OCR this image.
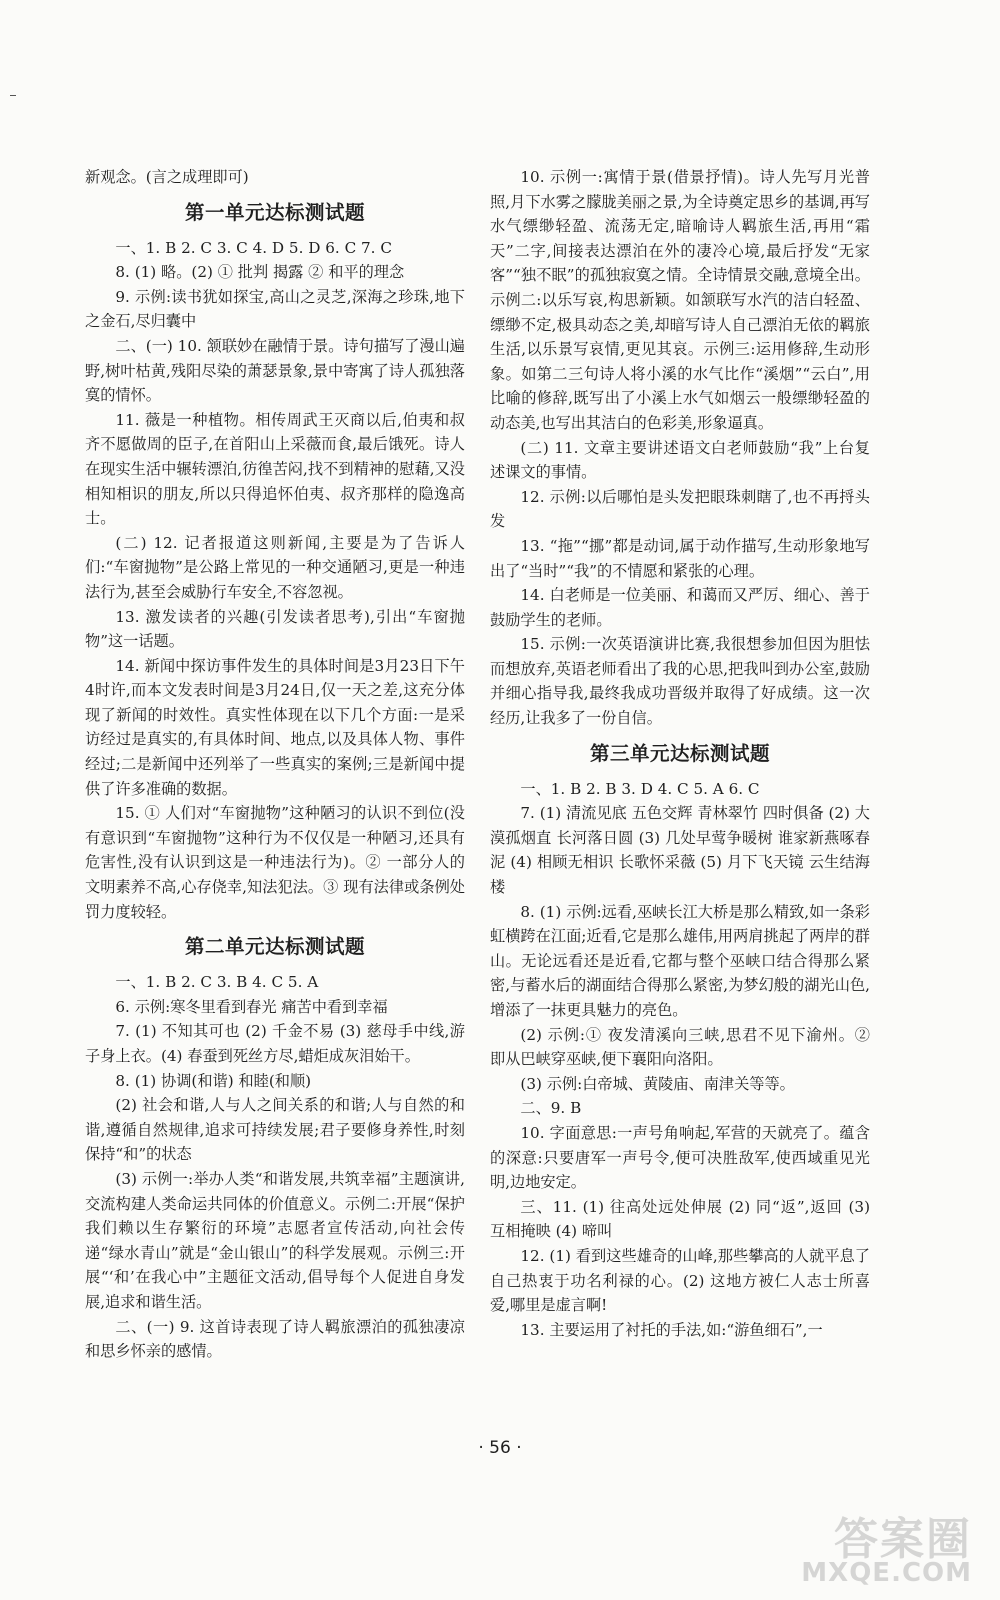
新观念。(言之成理即可)

第一单元达标测试题

一、1. B 2. C 3. C 4. D 5. D 6. C 7. C

8. (1) 略。(2) ① 批判 揭露 ② 和平的理念

9. 示例:读书犹如探宝,高山之灵芝,深海之珍珠,地下之金石,尽归囊中

二、(一) 10. 颔联妙在融情于景。诗句描写了漫山遍野,树叶枯黄,残阳尽染的萧瑟景象,景中寄寓了诗人孤独落寞的情怀。

11. 薇是一种植物。相传周武王灭商以后,伯夷和叔齐不愿做周的臣子,在首阳山上采薇而食,最后饿死。诗人在现实生活中辗转漂泊,彷徨苦闷,找不到精神的慰藉,又没相知相识的朋友,所以只得追怀伯夷、叔齐那样的隐逸高士。

(二) 12. 记者报道这则新闻,主要是为了告诉人们:“车窗抛物”是公路上常见的一种交通陋习,更是一种违法行为,甚至会威胁行车安全,不容忽视。

13. 激发读者的兴趣(引发读者思考),引出“车窗抛物”这一话题。

14. 新闻中探访事件发生的具体时间是3月23日下午4时许,而本文发表时间是3月24日,仅一天之差,这充分体现了新闻的时效性。真实性体现在以下几个方面:一是采访经过是真实的,有具体时间、地点,以及具体人物、事件经过;二是新闻中还列举了一些真实的案例;三是新闻中提供了许多准确的数据。

15. ① 人们对“车窗抛物”这种陋习的认识不到位(没有意识到“车窗抛物”这种行为不仅仅是一种陋习,还具有危害性,没有认识到这是一种违法行为)。② 一部分人的文明素养不高,心存侥幸,知法犯法。③ 现有法律或条例处罚力度较轻。

第二单元达标测试题

一、1. B 2. C 3. B 4. C 5. A

6. 示例:寒冬里看到春光 痛苦中看到幸福

7. (1) 不知其可也 (2) 千金不易 (3) 慈母手中线,游子身上衣。(4) 春蚕到死丝方尽,蜡炬成灰泪始干。

8. (1) 协调(和谐) 和睦(和顺)

(2) 社会和谐,人与人之间关系的和谐;人与自然的和谐,遵循自然规律,追求可持续发展;君子要修身养性,时刻保持“和”的状态

(3) 示例一:举办人类“和谐发展,共筑幸福”主题演讲,交流构建人类命运共同体的价值意义。示例二:开展“保护我们赖以生存繁衍的环境”志愿者宣传活动,向社会传递“绿水青山”就是“金山银山”的科学发展观。示例三:开展“‘和’在我心中”主题征文活动,倡导每个人促进自身发展,追求和谐生活。

二、(一) 9. 这首诗表现了诗人羁旅漂泊的孤独凄凉和思乡怀亲的感情。

10. 示例一:寓情于景(借景抒情)。诗人先写月光普照,月下水雾之朦胧美丽之景,为全诗奠定思乡的基调,再写水气缥缈轻盈、流荡无定,暗喻诗人羁旅生活,再用“霜天”二字,间接表达漂泊在外的凄冷心境,最后抒发“无家客”“独不眠”的孤独寂寞之情。全诗情景交融,意境全出。示例二:以乐写哀,构思新颖。如颔联写水汽的洁白轻盈、缥缈不定,极具动态之美,却暗写诗人自己漂泊无依的羁旅生活,以乐景写哀情,更见其哀。示例三:运用修辞,生动形象。如第二三句诗人将小溪的水气比作“溪烟”“云白”,用比喻的修辞,既写出了小溪上水气如烟云一般缥缈轻盈的动态美,也写出其洁白的色彩美,形象逼真。

(二) 11. 文章主要讲述语文白老师鼓励“我”上台复述课文的事情。

12. 示例:以后哪怕是头发把眼珠刺瞎了,也不再捋头发

13. “拖”“挪”都是动词,属于动作描写,生动形象地写出了“当时”“我”的不情愿和紧张的心理。

14. 白老师是一位美丽、和蔼而又严厉、细心、善于鼓励学生的老师。

15. 示例:一次英语演讲比赛,我很想参加但因为胆怯而想放弃,英语老师看出了我的心思,把我叫到办公室,鼓励并细心指导我,最终我成功晋级并取得了好成绩。这一次经历,让我多了一份自信。

第三单元达标测试题

一、1. B 2. B 3. D 4. C 5. A 6. C

7. (1) 清流见底 五色交辉 青林翠竹 四时俱备 (2) 大漠孤烟直 长河落日圆 (3) 几处早莺争暖树 谁家新燕啄春泥 (4) 相顾无相识 长歌怀采薇 (5) 月下飞天镜 云生结海楼

8. (1) 示例:远看,巫峡长江大桥是那么精致,如一条彩虹横跨在江面;近看,它是那么雄伟,用两肩挑起了两岸的群山。无论远看还是近看,它都与整个巫峡口结合得那么紧密,与蓄水后的湖面结合得那么紧密,为梦幻般的湖光山色,增添了一抹更具魅力的亮色。

(2) 示例:① 夜发清溪向三峡,思君不见下渝州。② 即从巴峡穿巫峡,便下襄阳向洛阳。

(3) 示例:白帝城、黄陵庙、南津关等等。

二、9. B

10. 字面意思:一声号角响起,军营的天就亮了。蕴含的深意:只要唐军一声号令,便可决胜敌军,使西域重见光明,边地安定。

三、11. (1) 往高处远处伸展 (2) 同“返”,返回 (3) 互相掩映 (4) 啼叫

12. (1) 看到这些雄奇的山峰,那些攀高的人就平息了自己热衷于功名利禄的心。(2) 这地方被仁人志士所喜爱,哪里是虚言啊!

13. 主要运用了衬托的手法,如:“游鱼细石”,一

· 56 ·
答案圈
MXQE.COM
